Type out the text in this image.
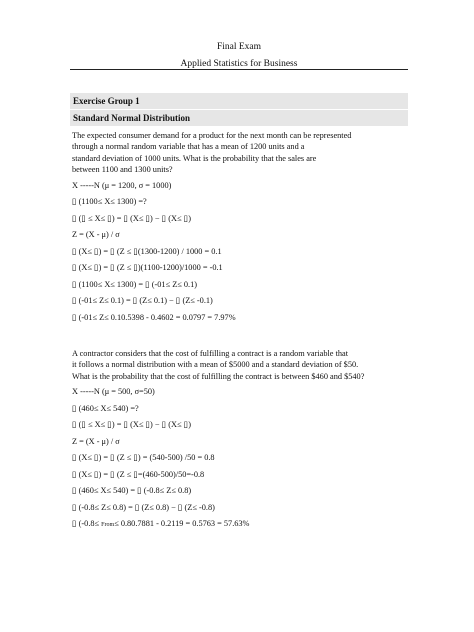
Final Exam
Applied Statistics for Business
Exercise Group 1
Standard Normal Distribution
The expected consumer demand for a product for the next month can be represented
through a normal random variable that has a mean of 1200 units and a
standard deviation of 1000 units. What is the probability that the sales are
between 1100 and 1300 units?
X -----N (μ = 1200, σ = 1000)
▯ (1100≤ X≤ 1300) =?
▯ (▯ ≤ X≤ ▯) = ▯ (X≤ ▯) − ▯ (X≤ ▯)
Z = (X - μ) / σ
▯ (X≤ ▯) = ▯ (Z ≤ ▯(1300-1200) / 1000 = 0.1
▯ (X≤ ▯) = ▯ (Z ≤ ▯)(1100-1200)/1000 = -0.1
▯ (1100≤ X≤ 1300) = ▯ (-01≤ Z≤ 0.1)
▯ (-01≤ Z≤ 0.1) = ▯ (Z≤ 0.1) − ▯ (Z≤ -0.1)
▯ (-01≤ Z≤ 0.10.5398 - 0.4602 = 0.0797 = 7.97%
A contractor considers that the cost of fulfilling a contract is a random variable that
it follows a normal distribution with a mean of $5000 and a standard deviation of $50.
What is the probability that the cost of fulfilling the contract is between $460 and $540?
X -----N (μ = 500, σ=50)
▯ (460≤ X≤ 540) =?
▯ (▯ ≤ X≤ ▯) = ▯ (X≤ ▯) − ▯ (X≤ ▯)
Z = (X - μ) / σ
▯ (X≤ ▯) = ▯ (Z ≤ ▯) = (540-500) /50 = 0.8
▯ (X≤ ▯) = ▯ (Z ≤ ▯=(460-500)/50=-0.8
▯ (460≤ X≤ 540) = ▯ (-0.8≤ Z≤ 0.8)
▯ (-0.8≤ Z≤ 0.8) = ▯ (Z≤ 0.8) − ▯ (Z≤ -0.8)
▯ (-0.8≤ From≤ 0.80.7881 - 0.2119 = 0.5763 = 57.63%
